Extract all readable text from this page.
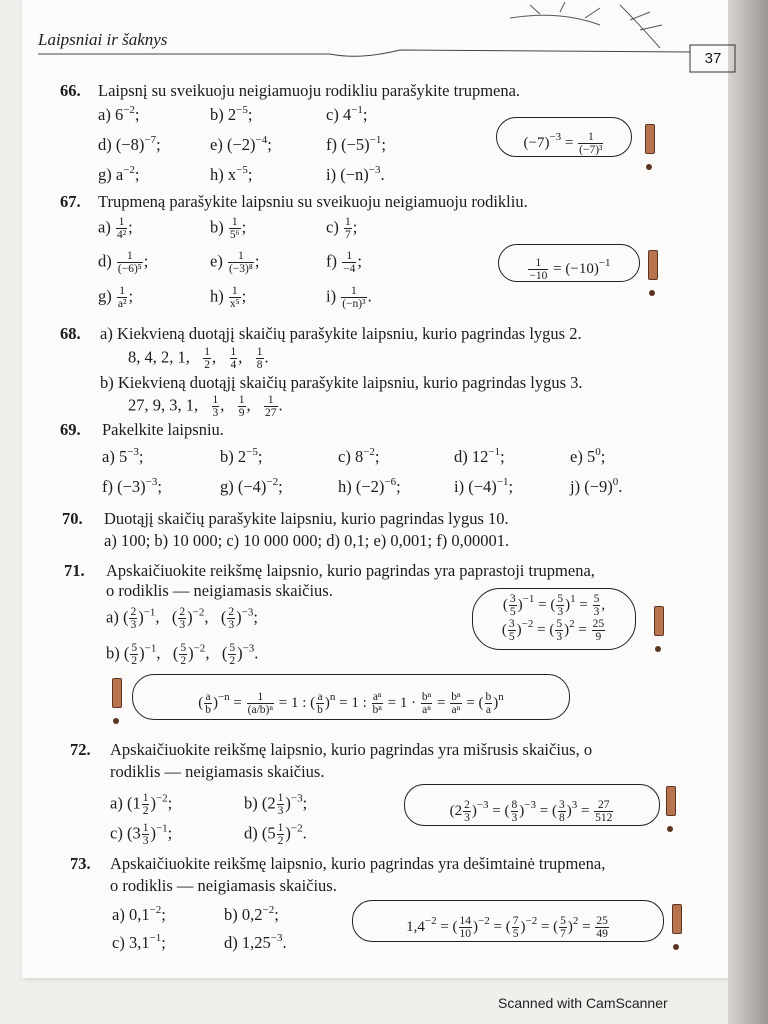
Laipsniai ir šaknys
37
66. Laipsnį su sveikuoju neigiamuoju rodikliu parašykite trupmena.
a) $6^{-2}$;	b) $2^{-5}$;	c) $4^{-1}$;
d) $(-8)^{-7}$;	e) $(-2)^{-4}$;	f) $(-5)^{-1}$;
g) $a^{-2}$;	h) $x^{-5}$;	i) $(-n)^{-3}$.
$(-7)^{-3} = \frac{1}{\text{(−7)³}}$
67. Trupmeną parašykite laipsniu su sveikuoju neigiamuoju rodikliu.
$a) \frac{1}{\text{4²}}$ ;	$b) \frac{1}{\text{5⁶}}$ ;	$c) \frac{1}{7}$ ;
$d) \frac{1}{\text{(−6)⁵}}$ ;	$e) \frac{1}{\text{(−3)⁸}}$ ;	$f) \frac{1}{-4}$ ;
$g) \frac{1}{\text{a²}}$ ;	$h) \frac{1}{\text{x⁵}}$ ;	$i) \frac{1}{\text{(−n)³}}$ .
$\frac{1}{-10} = (-10)^{-1}$
68. a) Kiekvieną duotąjį skaičių parašykite laipsniu, kurio pagrindas lygus 2.
8, 4, 2, 1, $\frac{1}{2}$ , $\frac{1}{4}$ , $\frac{1}{8}$ .
b) Kiekvieną duotąjį skaičių parašykite laipsniu, kurio pagrindas lygus 3.
27, 9, 3, 1, $\frac{1}{3}$ , $\frac{1}{9}$ , $\frac{1}{27}$ .
69. Pakelkite laipsniu.
a) $5^{-3}$;	b) $2^{-5}$;	c) $8^{-2}$;	d) $12^{-1}$;	e) $5^0$;
f) $(-3)^{-3}$;	g) $(-4)^{-2}$;	h) $(-2)^{-6}$;	i) $(-4)^{-1}$;	j) $(-9)^0$.
70. Duotąjį skaičių parašykite laipsniu, kurio pagrindas lygus 10.
a) 100; b) 10 000; c) 10 000 000; d) 0,1; e) 0,001; f) 0,00001.
71. Apskaičiuokite reikšmę laipsnio, kurio pagrindas yra paprastoji trupmena,
o rodiklis — neigiamasis skaičius.
a) ( $\frac{2}{3} )^{-1}$,   ( $\frac{2}{3} )^{-2}$,   ( $\frac{2}{3} )^{-3}$;
b) ( $\frac{5}{2} )^{-1}$,   ( $\frac{5}{2} )^{-2}$,   ( $\frac{5}{2} )^{-3}$.
( $\frac{3}{5} )^{-1}$ = ( $\frac{5}{3} )^1 = \frac{5}{3}$ ,
( $\frac{3}{5} )^{-2}$ = ( $\frac{5}{3} )^2 = \frac{25}{9}$
( $\frac{a}{b} )^{-n} = \frac{1}{\text{(a/b)ⁿ}} = 1$ : ( $\frac{a}{b} )^n = 1$ : $\frac{\text{aⁿ}}{\text{bⁿ}} = 1 \cdot \frac{\text{bⁿ}}{\text{aⁿ}} = \frac{\text{bⁿ}}{\text{aⁿ}}$ = ( $\frac{b}{a} )^n$
72. Apskaičiuokite reikšmę laipsnio, kurio pagrindas yra mišrusis skaičius, o
rodiklis — neigiamasis skaičius.
a) $(1 \frac{1}{2} )^{-2}$;	b) $(2 \frac{1}{3} )^{-3}$;
c) $(3 \frac{1}{3} )^{-1}$;	d) $(5 \frac{1}{2} )^{-2}$.
$(2 \frac{2}{3} )^{-3}$ = ( $\frac{8}{3} )^{-3}$ = ( $\frac{3}{8} )^3 = \frac{27}{512}$
73. Apskaičiuokite reikšmę laipsnio, kurio pagrindas yra dešimtainė trupmena,
o rodiklis — neigiamasis skaičius.
a) $0,1^{-2}$;	b) $0,2^{-2}$;
c) $3,1^{-1}$;	d) $1,25^{-3}$.
$1,4^{-2}$ = ( $\frac{14}{10} )^{-2}$ = ( $\frac{7}{5} )^{-2}$ = ( $\frac{5}{7} )^2 = \frac{25}{49}$
Scanned with CamScanner
